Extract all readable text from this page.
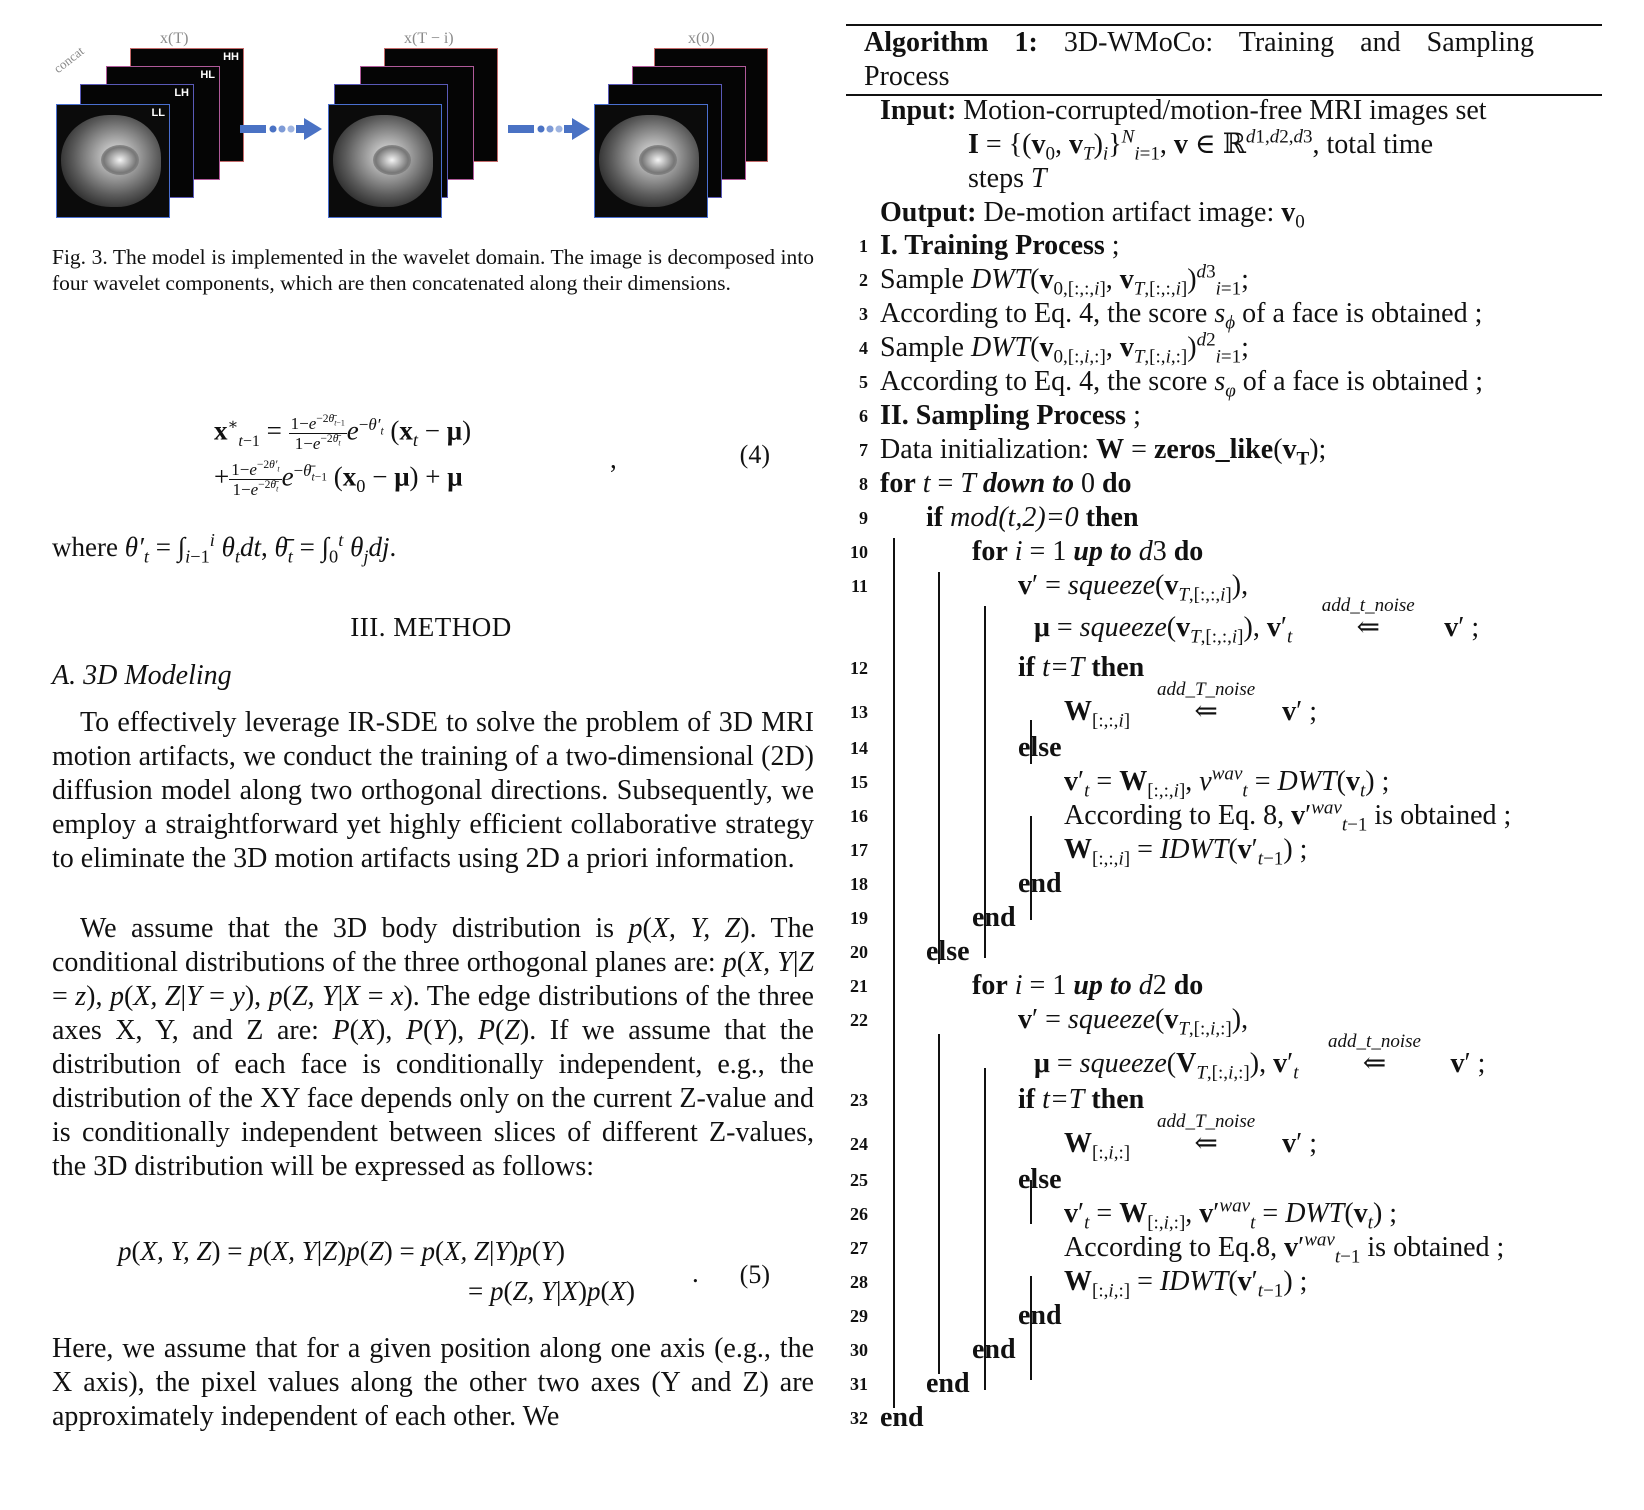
x(T)	x(T − i)	x(0)
concat	HH
HL
LH
LL
Fig. 3. The model is implemented in the wavelet domain. The image is decomposed into four wavelet components, which are then concatenated along their dimensions.
$x^∗_{t-1} = \frac{1-e^{-2\thetā_{t-1}}}{1-e^{-2\thetā_t}} e^{-\theta'_t}$ $(x_t - \mu)$
+ $\frac{1-e^{-2\theta'_t}}{1-e^{-2\thetā_t}} e^{-\thetā_{t-1}}$ $(x_0 - \mu) + \mu$
,	(4)
where $\theta'_t = \int_{i-1}^i$ $\theta_tdt$, $\thetā_t = \int_0^t$ $\theta_jdj$.
III. METHOD
A. 3D Modeling
To effectively leverage IR-SDE to solve the problem of 3D MRI motion artifacts, we conduct the training of a two-dimensional (2D) diffusion model along two orthogonal directions. Subsequently, we employ a straightforward yet highly efficient collaborative strategy to eliminate the 3D motion artifacts using 2D a priori information.
We assume that the 3D body distribution is p(X, Y, Z). The conditional distributions of the three orthogonal planes are: p(X, Y|Z = z), p(X, Z|Y = y), p(Z, Y|X = x). The edge distributions of the three axes X, Y, and Z are: P(X), P(Y), P(Z). If we assume that the distribution of each face is conditionally independent, e.g., the distribution of the XY face depends only on the current Z-value and is conditionally independent between slices of different Z-values, the 3D distribution will be expressed as follows:
p(X, Y, Z) = p(X, Y|Z)p(Z) = p(X, Z|Y)p(Y)
= p(Z, Y|X)p(X)
. (5)
Here, we assume that for a given position along one axis (e.g., the X axis), the pixel values along the other two axes (Y and Z) are approximately independent of each other. We
Algorithm 1: 3D-WMoCo: Training and Sampling
Process
Input: Motion-corrupted/motion-free MRI images set
$I = \{(v_0$, $v_T)_i\}^N_{i=1}$, v ∈ ℝ$^{d1,d2,d3}$, total time
steps T
Output: De-motion artifact image: $v_0$
1
2
3
4
5
6
7
8
9
10
11
12
13
14
15
16
17
18
19
20
21
22
23
24
25
26
27
28
29
30
31
32
I. Training Process ;
Sample $DWT(v_{0,[:,:,i]}$, $v_{T,[:,:,i]})^{d3}_{i=1}$;
According to Eq. 4, the score $s_\phi$ of a face is obtained ;
Sample $DWT(v_{0,[:,i,:]}$, $v_{T,[:,i,:]})^{d2}_{i=1}$;
According to Eq. 4, the score $s_\varphi$ of a face is obtained ;
II. Sampling Process ;
Data initialization: $W = zeros\_like(v_T)$;
for t = T down to 0 do
if mod(t,2)=0 then
for i = 1 up to d3 do
$v' = squeeze(v_{T,[:,:,i]})$,
$\mu = squeeze(v_{T,[:,:,i]})$, $v'_t$
add_t_noise
⇐ v′ ;
if t=T then
$W_{[:,:,i]}$
add_T_noise
⇐ v′ ;
else
$v'_t = W_{[:,:,i]}$, $v^{wav}_t = DWT(v_t)$ ;
According to Eq. 8, $v'^{wav}_{t-1}$ is obtained ;
$W_{[:,:,i]}$ = $IDWT(v'_{t-1})$ ;
end
end
else
for i = 1 up to d2 do
$v' = squeeze(v_{T,[:,i,:]})$,
$\mu = squeeze(V_{T,[:,i,:]})$, $v'_t$
add_t_noise
⇐ v′ ;
if t=T then
$W_{[:,i,:]}$
add_T_noise
⇐ v′ ;
else
$v'_t = W_{[:,i,:]}$, $v'^{wav}_t = DWT(v_t)$ ;
According to Eq.8, $v'^{wav}_{t-1}$ is obtained ;
$W_{[:,i,:]}$ = $IDWT(v'_{t-1})$ ;
end
end
end
end
